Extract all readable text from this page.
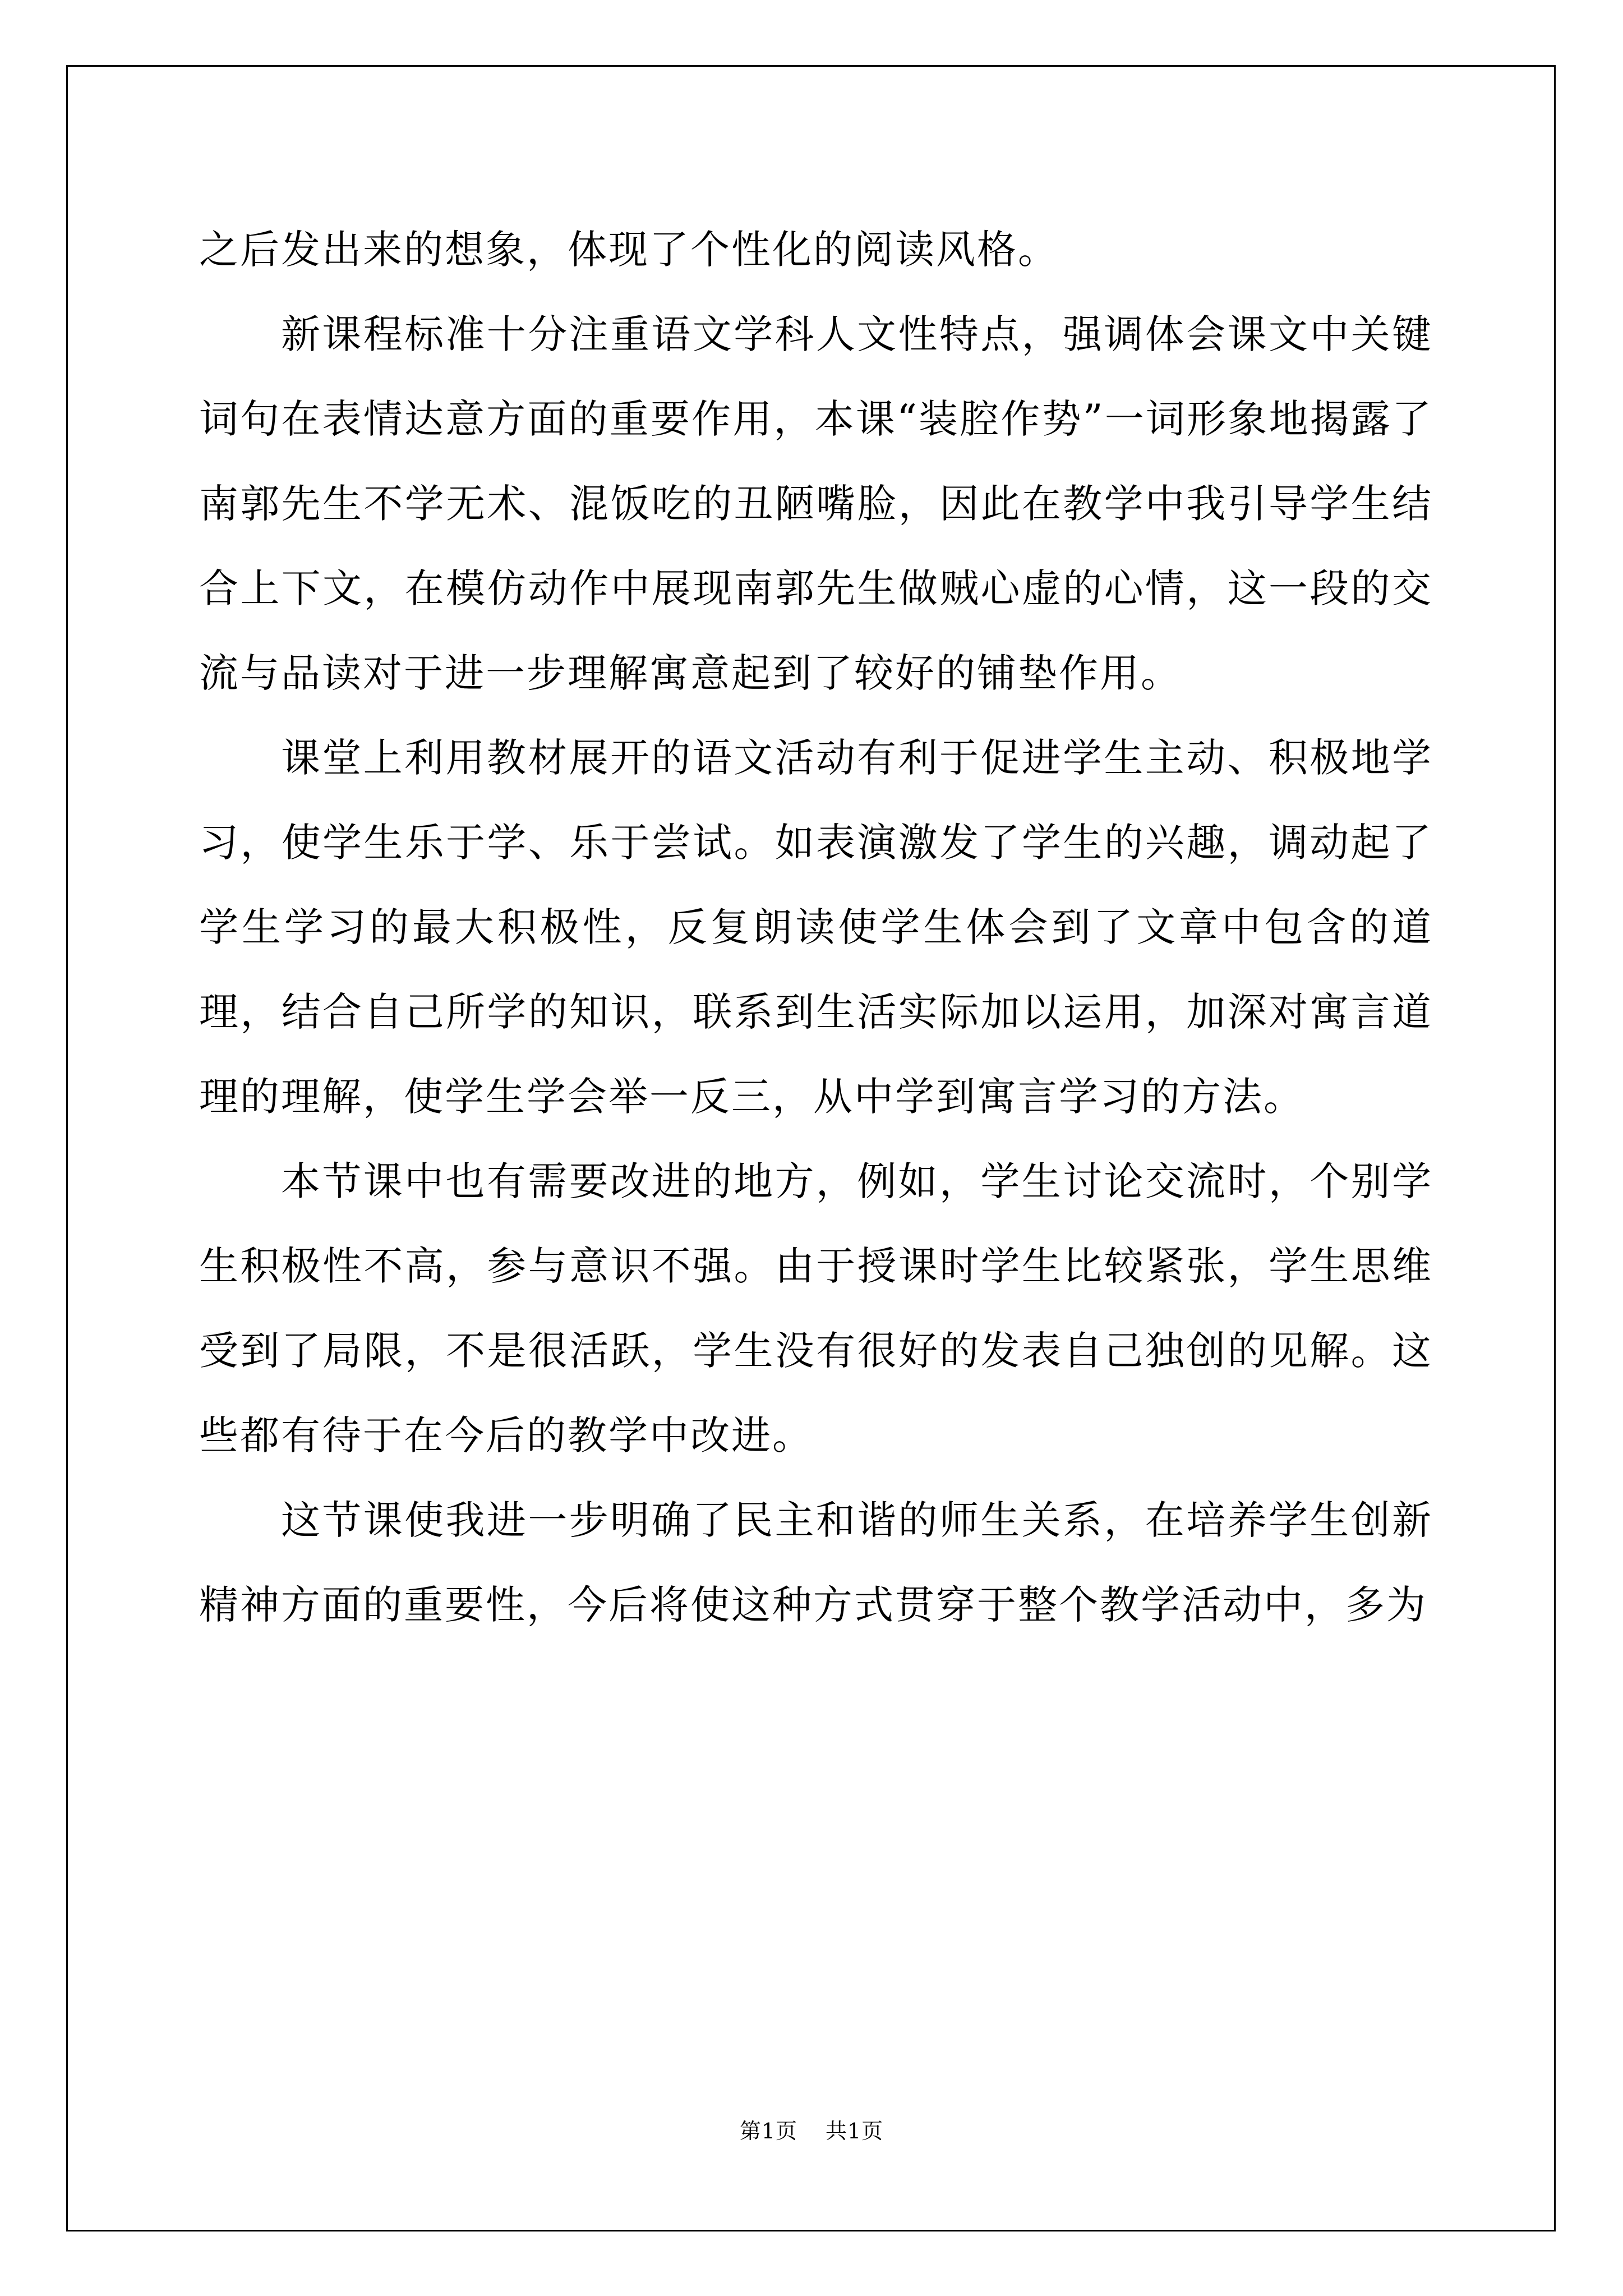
之后发出来的想象，体现了个性化的阅读风格。

新课程标准十分注重语文学科人文性特点，强调体会课文中关键词句在表情达意方面的重要作用，本课“装腔作势”一词形象地揭露了南郭先生不学无术、混饭吃的丑陋嘴脸，因此在教学中我引导学生结合上下文，在模仿动作中展现南郭先生做贼心虚的心情，这一段的交流与品读对于进一步理解寓意起到了较好的铺垫作用。

课堂上利用教材展开的语文活动有利于促进学生主动、积极地学习，使学生乐于学、乐于尝试。如表演激发了学生的兴趣，调动起了学生学习的最大积极性，反复朗读使学生体会到了文章中包含的道理，结合自己所学的知识，联系到生活实际加以运用，加深对寓言道理的理解，使学生学会举一反三，从中学到寓言学习的方法。

本节课中也有需要改进的地方，例如，学生讨论交流时，个别学生积极性不高，参与意识不强。由于授课时学生比较紧张，学生思维受到了局限，不是很活跃，学生没有很好的发表自己独创的见解。这些都有待于在今后的教学中改进。

这节课使我进一步明确了民主和谐的师生关系，在培养学生创新精神方面的重要性，今后将使这种方式贯穿于整个教学活动中，多为

第1页 共1页
